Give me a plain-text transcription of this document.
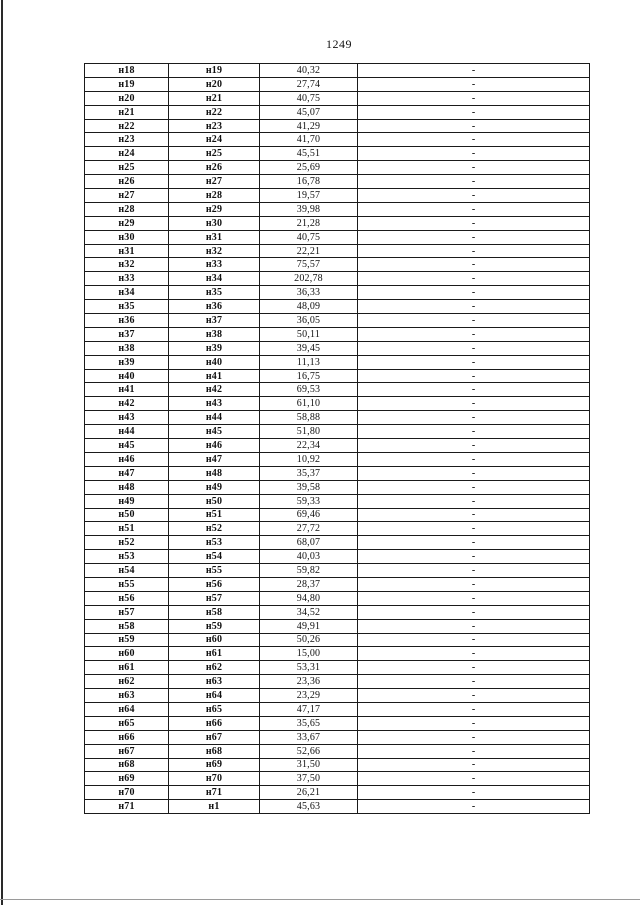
1249
н18	н19	40,32	-
н19	н20	27,74	-
н20	н21	40,75	-
н21	н22	45,07	-
н22	н23	41,29	-
н23	н24	41,70	-
н24	н25	45,51	-
н25	н26	25,69	-
н26	н27	16,78	-
н27	н28	19,57	-
н28	н29	39,98	-
н29	н30	21,28	-
н30	н31	40,75	-
н31	н32	22,21	-
н32	н33	75,57	-
н33	н34	202,78	-
н34	н35	36,33	-
н35	н36	48,09	-
н36	н37	36,05	-
н37	н38	50,11	-
н38	н39	39,45	-
н39	н40	11,13	-
н40	н41	16,75	-
н41	н42	69,53	-
н42	н43	61,10	-
н43	н44	58,88	-
н44	н45	51,80	-
н45	н46	22,34	-
н46	н47	10,92	-
н47	н48	35,37	-
н48	н49	39,58	-
н49	н50	59,33	-
н50	н51	69,46	-
н51	н52	27,72	-
н52	н53	68,07	-
н53	н54	40,03	-
н54	н55	59,82	-
н55	н56	28,37	-
н56	н57	94,80	-
н57	н58	34,52	-
н58	н59	49,91	-
н59	н60	50,26	-
н60	н61	15,00	-
н61	н62	53,31	-
н62	н63	23,36	-
н63	н64	23,29	-
н64	н65	47,17	-
н65	н66	35,65	-
н66	н67	33,67	-
н67	н68	52,66	-
н68	н69	31,50	-
н69	н70	37,50	-
н70	н71	26,21	-
н71	н1	45,63	-
